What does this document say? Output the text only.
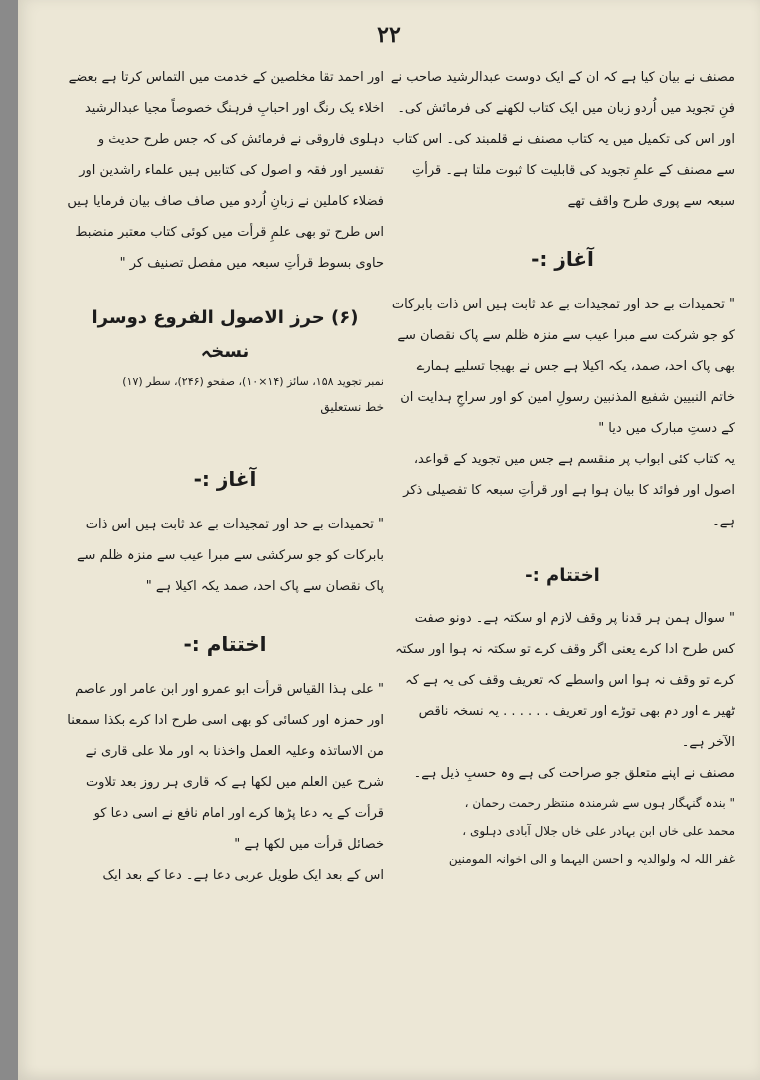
۲۲

مصنف نے بیان کیا ہے کہ ان کے ایک دوست عبدالرشید صاحب نے فنِ تجوید میں اُردو زبان میں ایک کتاب لکھنے کی فرمائش کی۔ اور اس کی تکمیل میں یہ کتاب مصنف نے قلمبند کی۔ اس کتاب سے مصنف کے علمِ تجوید کی قابلیت کا ثبوت ملتا ہے۔ قرأتِ سبعہ سے پوری طرح واقف تھے

آغاز :-

" تحمیدات بے حد اور تمجیدات بے عد ثابت ہیں اس ذات بابرکات کو جو شرکت سے مبرا عیب سے منزہ ظلم سے پاک نقصان سے بھی پاک احد، صمد، یکہ اکیلا ہے جس نے بھیجا تسلیے ہمارے خاتم النبیین شفیع المذنبین رسولِ امین کو اور سراجِ ہدایت ان کے دستِ مبارک میں دیا "

یہ کتاب کئی ابواب پر منقسم ہے جس میں تجوید کے قواعد، اصول اور فوائد کا بیان ہوا ہے اور قرأتِ سبعہ کا تفصیلی ذکر ہے۔

اختتام :-

" سوال ہمن ہر قدنا پر وقف لازم او سکتہ ہے۔ دونو صفت کس طرح ادا کرے یعنی اگر وقف کرے تو سکتہ نہ ہوا اور سکتہ کرے تو وقف نہ ہوا اس واسطے کہ تعریف وقف کی یہ ہے کہ ٹھیر ے اور دم بھی توڑے اور تعریف . . . . . . یہ نسخہ ناقص الآخر ہے۔

مصنف نے اپنے متعلق جو صراحت کی ہے وہ حسبِ ذیل ہے۔

" بندہ گنہگار ہوں سے شرمندہ منتظر رحمت رحمان ،

محمد علی خاں ابن بہادر علی خاں جلال آبادی دہلوی ،

غفر اللہ لہ ولوالدیہ و احسن الیہما و الی اخوانہ المومنین

اور احمد تقا مخلصین کے خدمت میں التماس کرتا ہے بعضے اخلاء یک رنگ اور احبابِ فرہنگ خصوصاً مجیا عبدالرشید دہلوی فاروقی نے فرمائش کی کہ جس طرح حدیث و تفسیر اور فقہ و اصول کی کتابیں ہیں علماء راشدین اور فضلاء کاملین نے زبانِ اُردو میں صاف صاف بیان فرمایا ہیں اس طرح تو بھی علمِ قرأت میں کوئی کتاب معتبر منضبط حاوی بسوط قرأتِ سبعہ میں مفصل تصنیف کر "

(۶) حرز الاصول الفروع دوسرا نسخہ

نمبر تجوید ۱۵۸، سائز (۱۴×۱۰)، صفحو (۲۴۶)، سطر (۱۷)

خط نستعلیق

آغاز :-

" تحمیدات بے حد اور تمجیدات بے عد ثابت ہیں اس ذات بابرکات کو جو سرکشی سے مبرا عیب سے منزہ ظلم سے پاک نقصان سے پاک احد، صمد یکہ اکیلا ہے "

اختتام :-

" علی ہذا القیاس قرأت ابو عمرو اور ابن عامر اور عاصم اور حمزہ اور کسائی کو بھی اسی طرح ادا کرے بکذا سمعنا من الاساتذہ وعلیہ العمل واخذنا بہ اور ملا علی قاری نے شرح عین العلم میں لکھا ہے کہ قاری ہر روز بعد تلاوت قرأت کے یہ دعا پڑھا کرے اور امام نافع نے اسی دعا کو خصائل قرأت میں لکھا ہے "

اس کے بعد ایک طویل عربی دعا ہے۔ دعا کے بعد ایک
